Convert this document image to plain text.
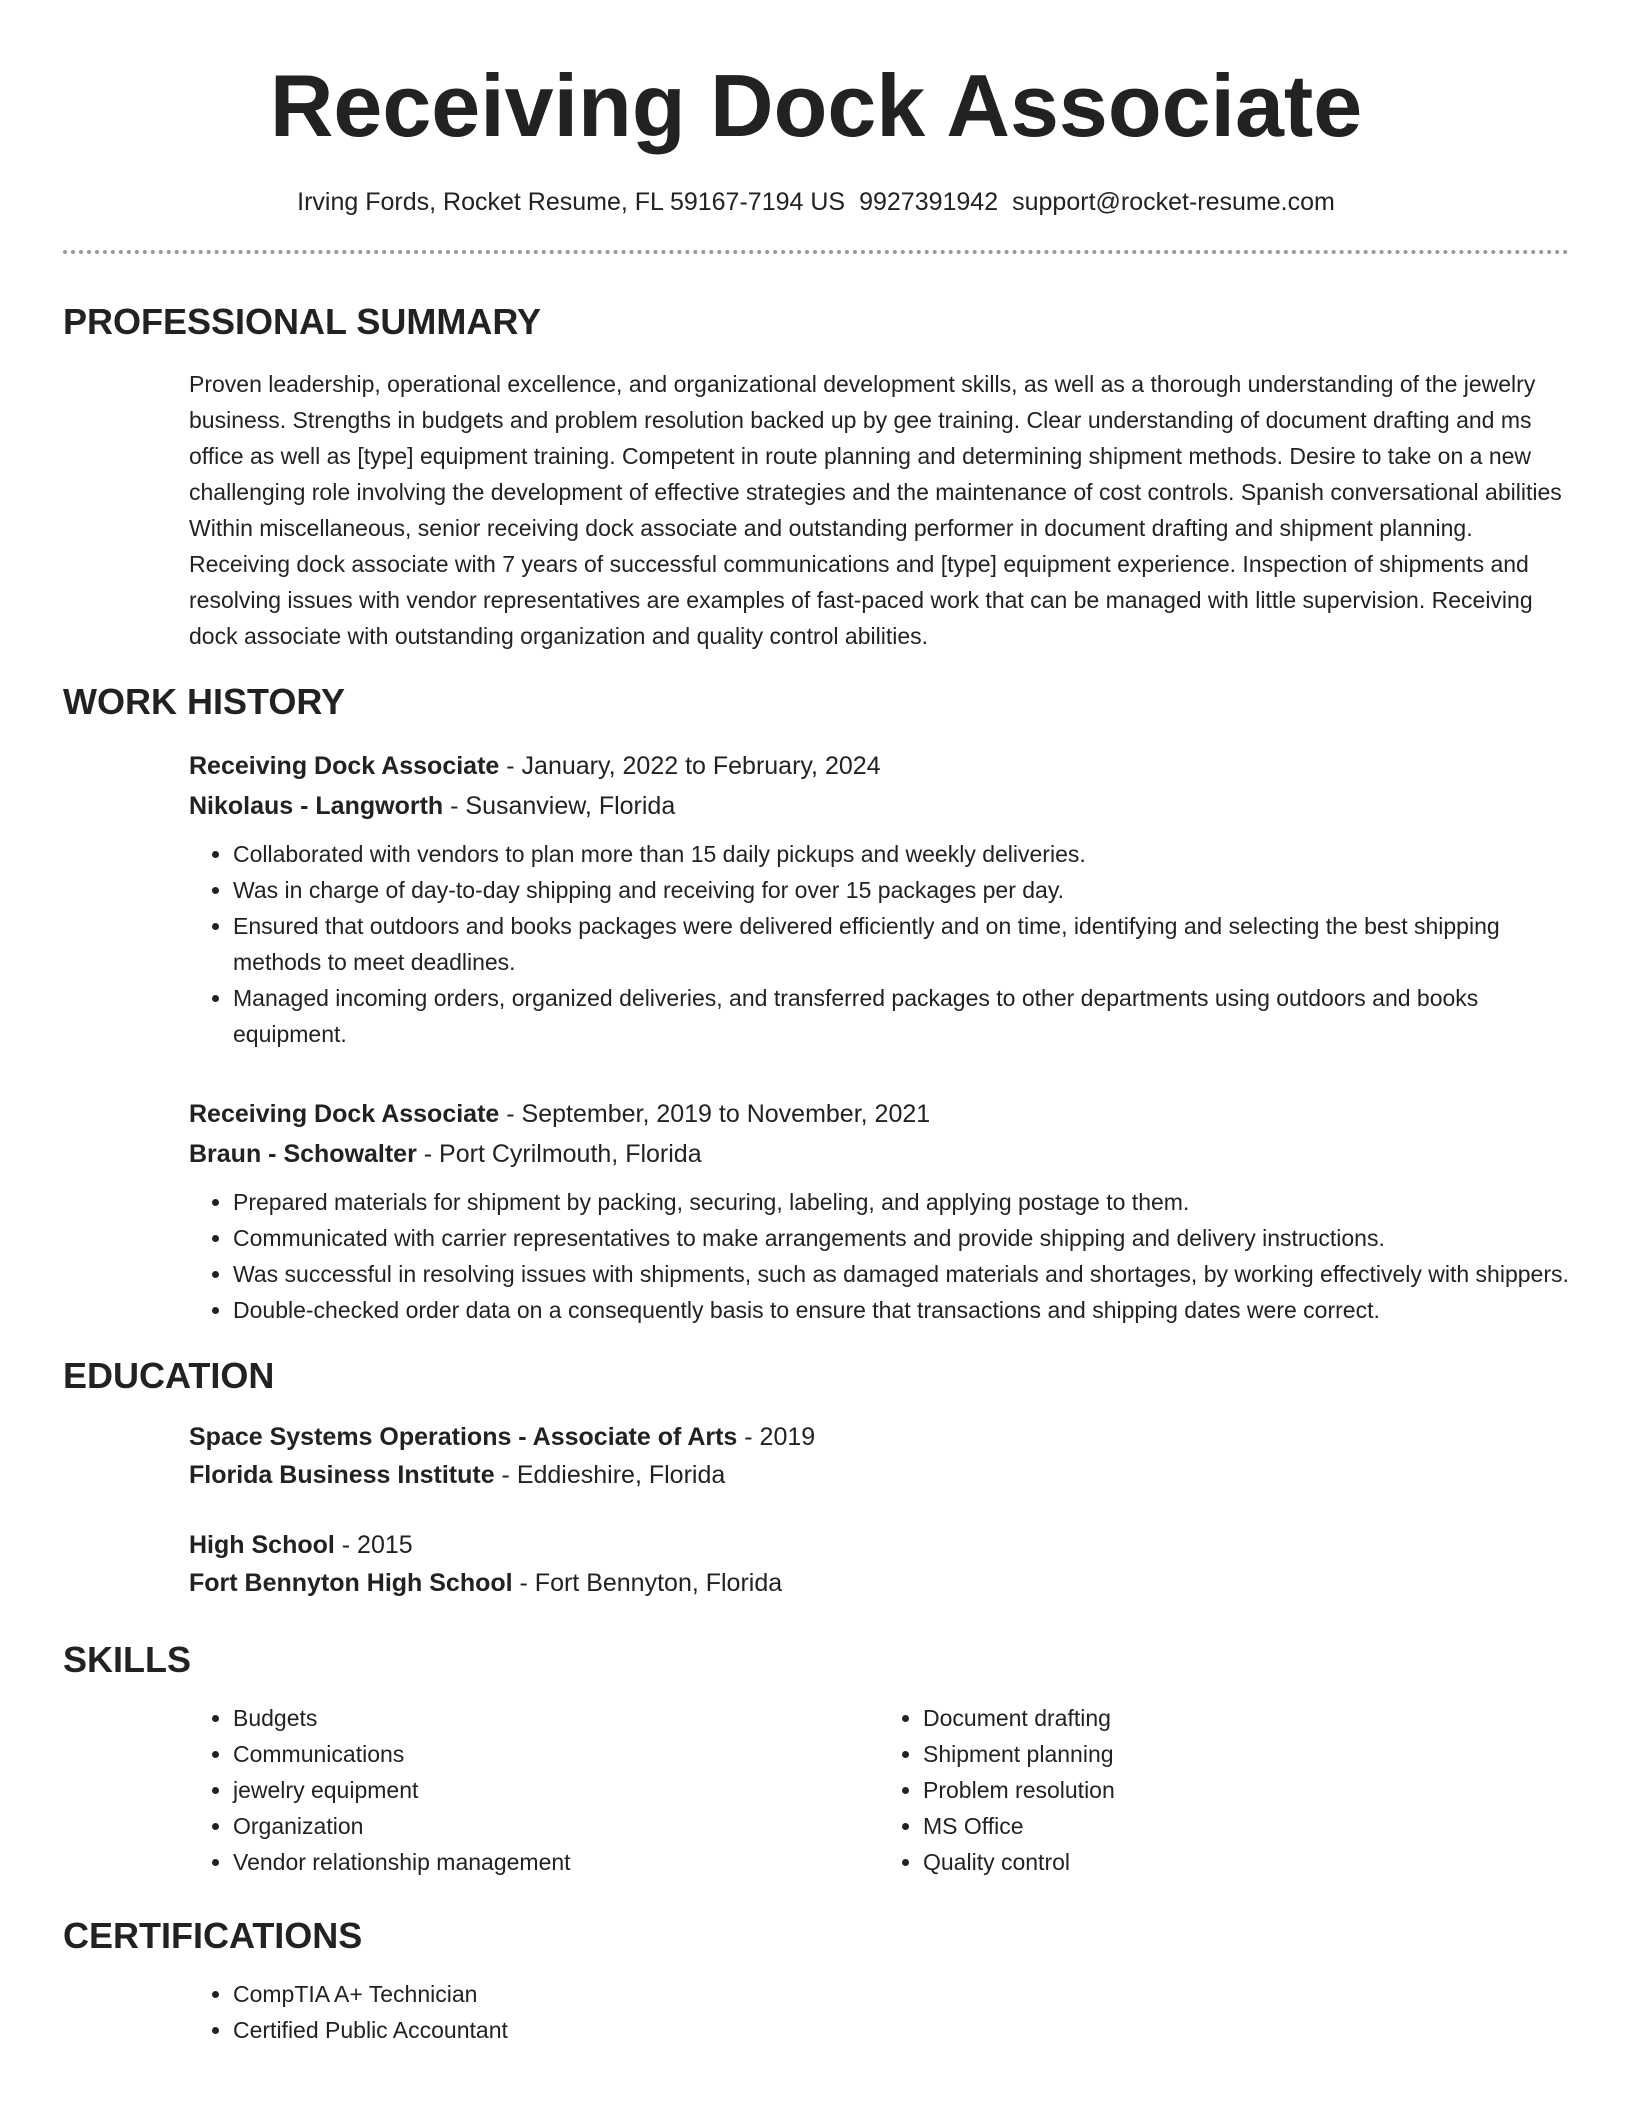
Receiving Dock Associate
Irving Fords, Rocket Resume, FL 59167-7194 US 9927391942 support@rocket-resume.com
PROFESSIONAL SUMMARY
Proven leadership, operational excellence, and organizational development skills, as well as a thorough understanding of the jewelry business. Strengths in budgets and problem resolution backed up by gee training. Clear understanding of document drafting and ms office as well as [type] equipment training. Competent in route planning and determining shipment methods. Desire to take on a new challenging role involving the development of effective strategies and the maintenance of cost controls. Spanish conversational abilities Within miscellaneous, senior receiving dock associate and outstanding performer in document drafting and shipment planning. Receiving dock associate with 7 years of successful communications and [type] equipment experience. Inspection of shipments and resolving issues with vendor representatives are examples of fast-paced work that can be managed with little supervision. Receiving dock associate with outstanding organization and quality control abilities.
WORK HISTORY
Receiving Dock Associate - January, 2022 to February, 2024
Nikolaus - Langworth - Susanview, Florida
• Collaborated with vendors to plan more than 15 daily pickups and weekly deliveries.
• Was in charge of day-to-day shipping and receiving for over 15 packages per day.
• Ensured that outdoors and books packages were delivered efficiently and on time, identifying and selecting the best shipping methods to meet deadlines.
• Managed incoming orders, organized deliveries, and transferred packages to other departments using outdoors and books equipment.
Receiving Dock Associate - September, 2019 to November, 2021
Braun - Schowalter - Port Cyrilmouth, Florida
• Prepared materials for shipment by packing, securing, labeling, and applying postage to them.
• Communicated with carrier representatives to make arrangements and provide shipping and delivery instructions.
• Was successful in resolving issues with shipments, such as damaged materials and shortages, by working effectively with shippers.
• Double-checked order data on a consequently basis to ensure that transactions and shipping dates were correct.
EDUCATION
Space Systems Operations - Associate of Arts - 2019
Florida Business Institute - Eddieshire, Florida
High School - 2015
Fort Bennyton High School - Fort Bennyton, Florida
SKILLS
• Budgets
• Communications
• jewelry equipment
• Organization
• Vendor relationship management
• Document drafting
• Shipment planning
• Problem resolution
• MS Office
• Quality control
CERTIFICATIONS
• CompTIA A+ Technician
• Certified Public Accountant
